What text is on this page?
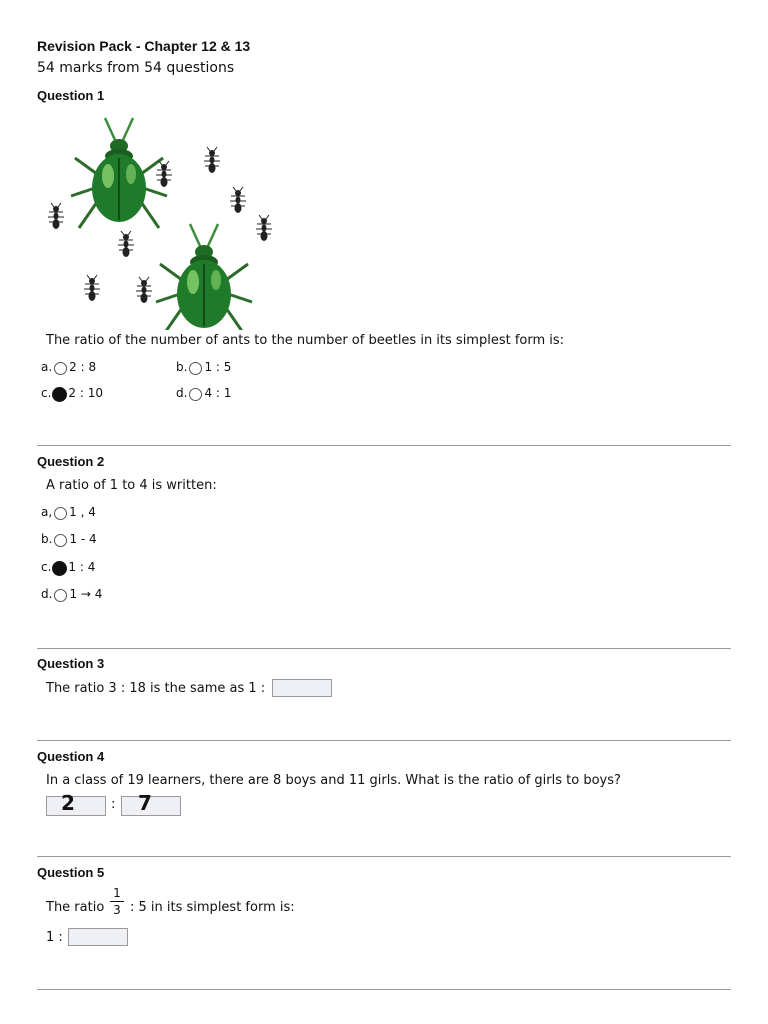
Revision Pack - Chapter 12 & 13
54 marks from 54 questions
Question 1
The ratio of the number of ants to the number of beetles in its simplest form is:
a. 2 : 8	b. 1 : 5
c. 2 : 10	d. 4 : 1
Question 2
A ratio of 1 to 4 is written:
a, 1 , 4
b. 1 - 4
c. 1 : 4
d. 1 → 4
Question 3
The ratio 3 : 18 is the same as 1 :
Question 4
In a class of 19 learners, there are 8 boys and 11 girls. What is the ratio of girls to boys?
2	: 7
Question 5
The ratio
1
3 : 5 in its simplest form is:
1 :
